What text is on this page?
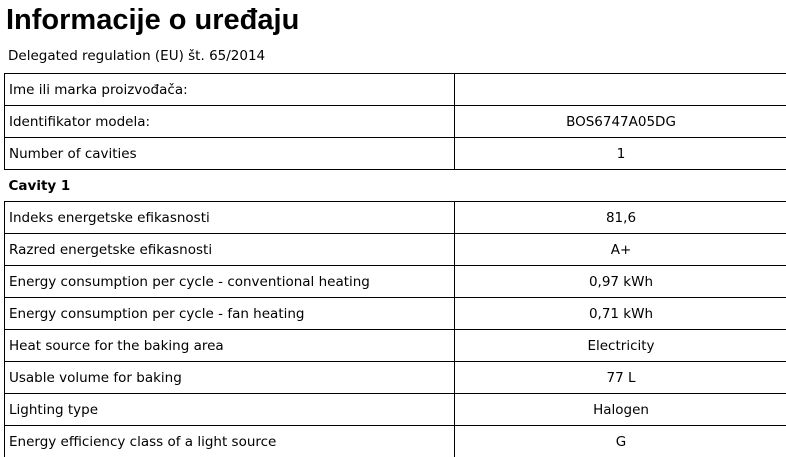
Informacije o uređaju
Delegated regulation (EU) št. 65/2014
Ime ili marka proizvođača:	
Identifikator modela:	BOS6747A05DG
Number of cavities	1
Cavity 1	
Indeks energetske efikasnosti	81,6
Razred energetske efikasnosti	A+
Energy consumption per cycle - conventional heating	0,97 kWh
Energy consumption per cycle - fan heating	0,71 kWh
Heat source for the baking area	Electricity
Usable volume for baking	77 L
Lighting type	Halogen
Energy efficiency class of a light source	G
